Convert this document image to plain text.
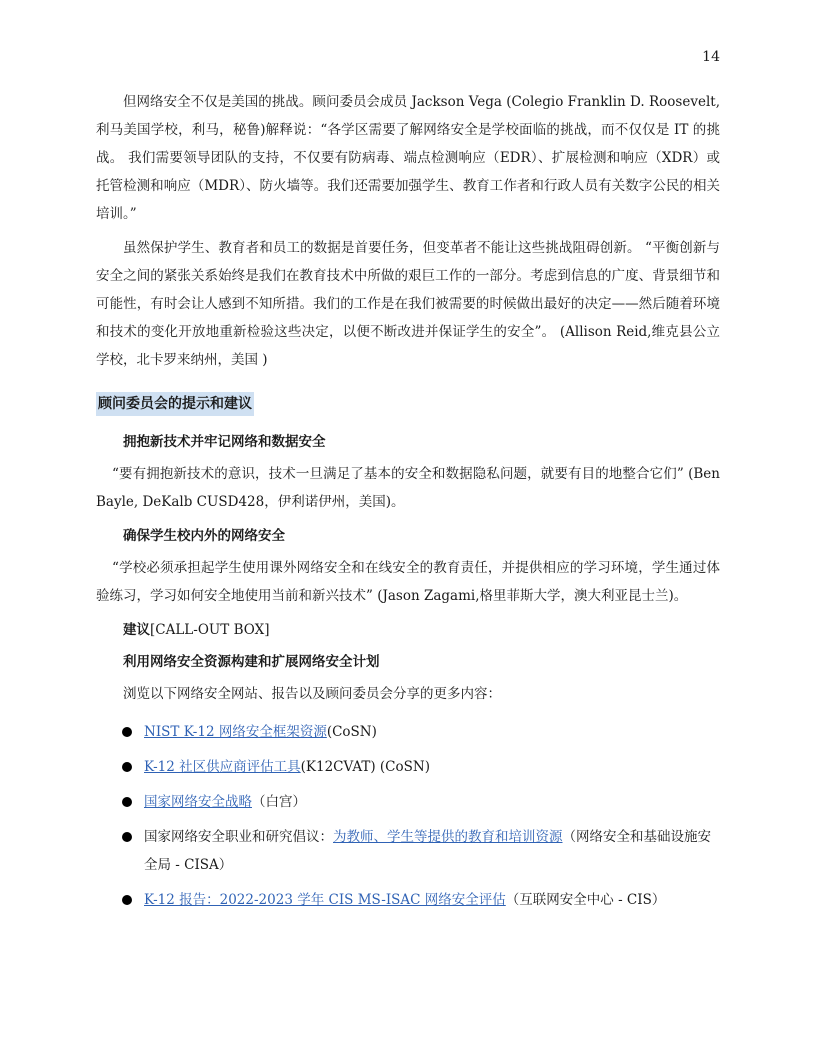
14

但网络安全不仅是美国的挑战。顾问委员会成员 Jackson Vega (Colegio Franklin D. Roosevelt,利马美国学校，利马，秘鲁)解释说：“各学区需要了解网络安全是学校面临的挑战，而不仅仅是 IT 的挑战。 我们需要领导团队的支持，不仅要有防病毒、端点检测响应（EDR）、扩展检测和响应（XDR）或托管检测和响应（MDR）、防火墙等。我们还需要加强学生、教育工作者和行政人员有关数字公民的相关培训。”

虽然保护学生、教育者和员工的数据是首要任务，但变革者不能让这些挑战阻碍创新。 “平衡创新与安全之间的紧张关系始终是我们在教育技术中所做的艰巨工作的一部分。考虑到信息的广度、背景细节和可能性，有时会让人感到不知所措。我们的工作是在我们被需要的时候做出最好的决定——然后随着环境和技术的变化开放地重新检验这些决定，以便不断改进并保证学生的安全”。 (Allison Reid,维克县公立学校，北卡罗来纳州，美国 )

顾问委员会的提示和建议
拥抱新技术并牢记网络和数据安全

“要有拥抱新技术的意识，技术一旦满足了基本的安全和数据隐私问题，就要有目的地整合它们” (Ben Bayle, DeKalb CUSD428，伊利诺伊州，美国)。

确保学生校内外的网络安全

“学校必须承担起学生使用课外网络安全和在线安全的教育责任，并提供相应的学习环境，学生通过体验练习，学习如何安全地使用当前和新兴技术” (Jason Zagami,格里菲斯大学，澳大利亚昆士兰)。

建议[CALL-OUT BOX]
利用网络安全资源构建和扩展网络安全计划

浏览以下网络安全网站、报告以及顾问委员会分享的更多内容：

NIST K-12 网络安全框架资源(CoSN)
K-12 社区供应商评估工具(K12CVAT) (CoSN)
国家网络安全战略（白宫）
国家网络安全职业和研究倡议：为教师、学生等提供的教育和培训资源（网络安全和基础设施安全局 - CISA）
K-12 报告：2022-2023 学年 CIS MS-ISAC 网络安全评估（互联网安全中心 - CIS）
